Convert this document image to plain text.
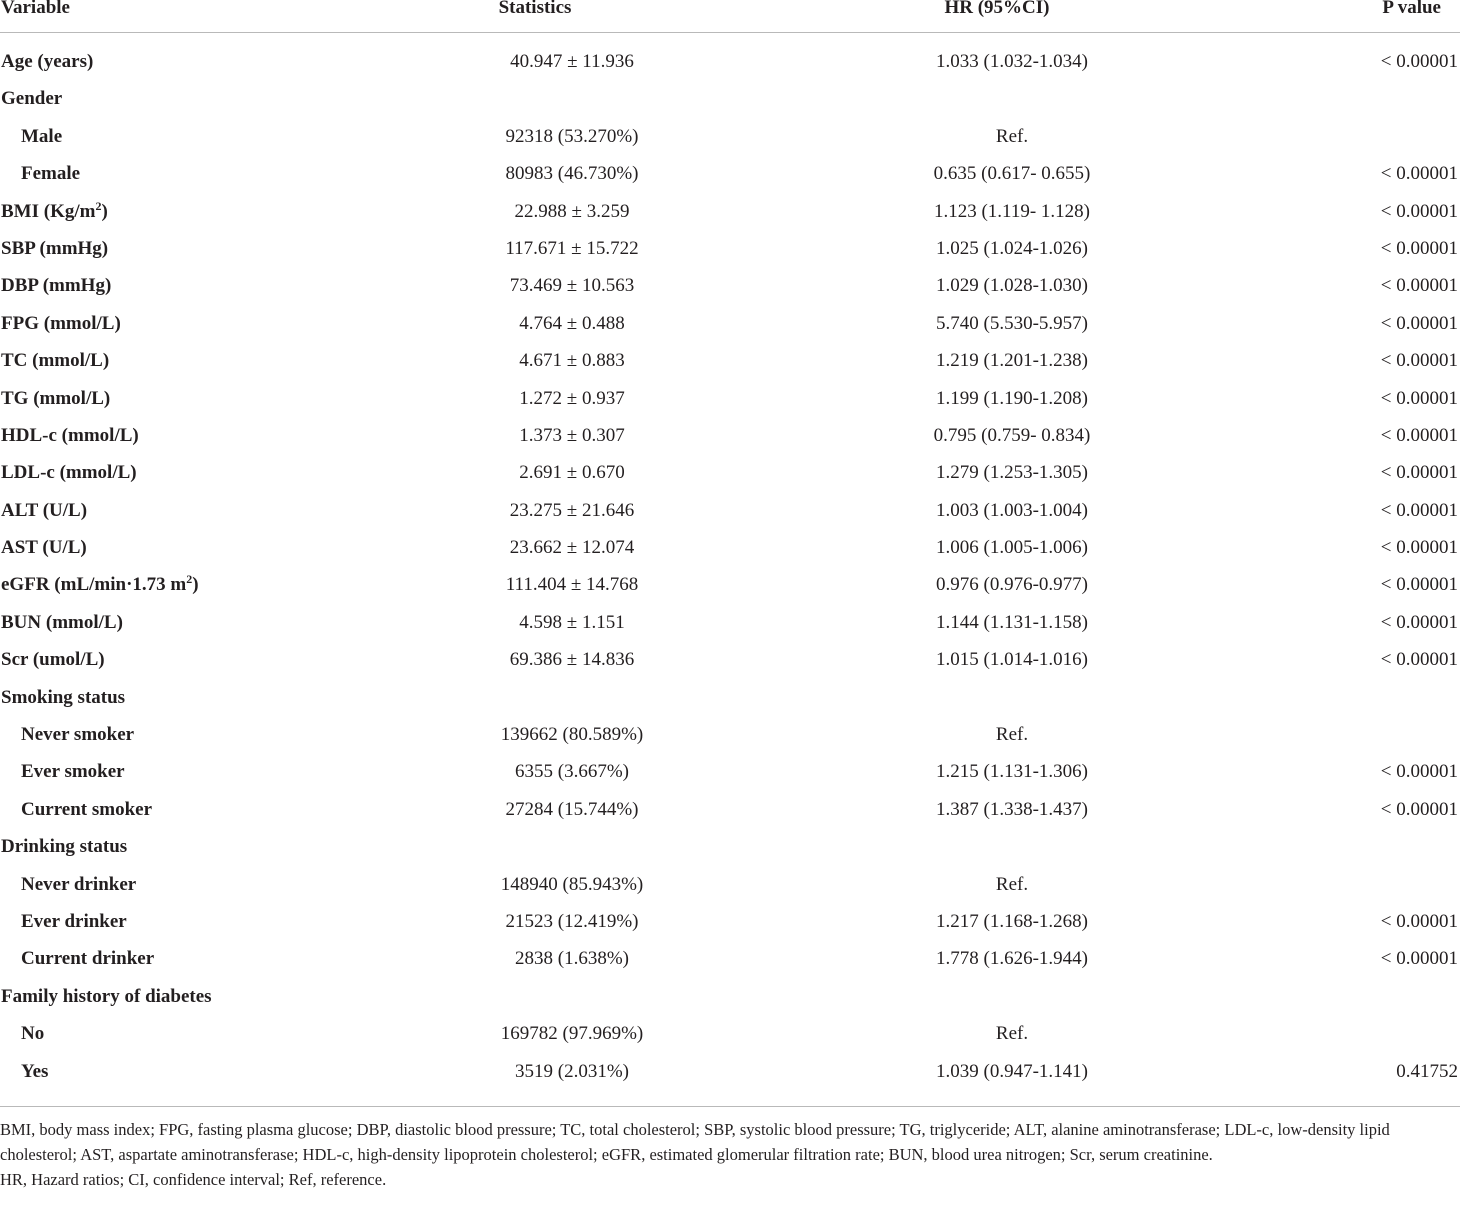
Variable	Statistics	HR (95%CI)	P value
Age (years)	40.947 ± 11.936	1.033 (1.032-1.034)	< 0.00001
Gender
Male	92318 (53.270%)	Ref.
Female	80983 (46.730%)	0.635 (0.617- 0.655)	< 0.00001
BMI $(Kg/m^2)$	22.988 ± 3.259	1.123 (1.119- 1.128)	< 0.00001
SBP (mmHg)	117.671 ± 15.722	1.025 (1.024-1.026)	< 0.00001
DBP (mmHg)	73.469 ± 10.563	1.029 (1.028-1.030)	< 0.00001
FPG (mmol/L)	4.764 ± 0.488	5.740 (5.530-5.957)	< 0.00001
TC (mmol/L)	4.671 ± 0.883	1.219 (1.201-1.238)	< 0.00001
TG (mmol/L)	1.272 ± 0.937	1.199 (1.190-1.208)	< 0.00001
HDL-c (mmol/L)	1.373 ± 0.307	0.795 (0.759- 0.834)	< 0.00001
LDL-c (mmol/L)	2.691 ± 0.670	1.279 (1.253-1.305)	< 0.00001
ALT (U/L)	23.275 ± 21.646	1.003 (1.003-1.004)	< 0.00001
AST (U/L)	23.662 ± 12.074	1.006 (1.005-1.006)	< 0.00001
eGFR (mL/min·1.73 $m^2$)	111.404 ± 14.768	0.976 (0.976-0.977)	< 0.00001
BUN (mmol/L)	4.598 ± 1.151	1.144 (1.131-1.158)	< 0.00001
Scr (umol/L)	69.386 ± 14.836	1.015 (1.014-1.016)	< 0.00001
Smoking status
Never smoker	139662 (80.589%)	Ref.
Ever smoker	6355 (3.667%)	1.215 (1.131-1.306)	< 0.00001
Current smoker	27284 (15.744%)	1.387 (1.338-1.437)	< 0.00001
Drinking status
Never drinker	148940 (85.943%)	Ref.
Ever drinker	21523 (12.419%)	1.217 (1.168-1.268)	< 0.00001
Current drinker	2838 (1.638%)	1.778 (1.626-1.944)	< 0.00001
Family history of diabetes
No	169782 (97.969%)	Ref.
Yes	3519 (2.031%)	1.039 (0.947-1.141)	0.41752

BMI, body mass index; FPG, fasting plasma glucose; DBP, diastolic blood pressure; TC, total cholesterol; SBP, systolic blood pressure; TG, triglyceride; ALT, alanine aminotransferase; LDL-c, low-density lipid cholesterol; AST, aspartate aminotransferase; HDL-c, high-density lipoprotein cholesterol; eGFR, estimated glomerular filtration rate; BUN, blood urea nitrogen; Scr, serum creatinine.

HR, Hazard ratios; CI, confidence interval; Ref, reference.
